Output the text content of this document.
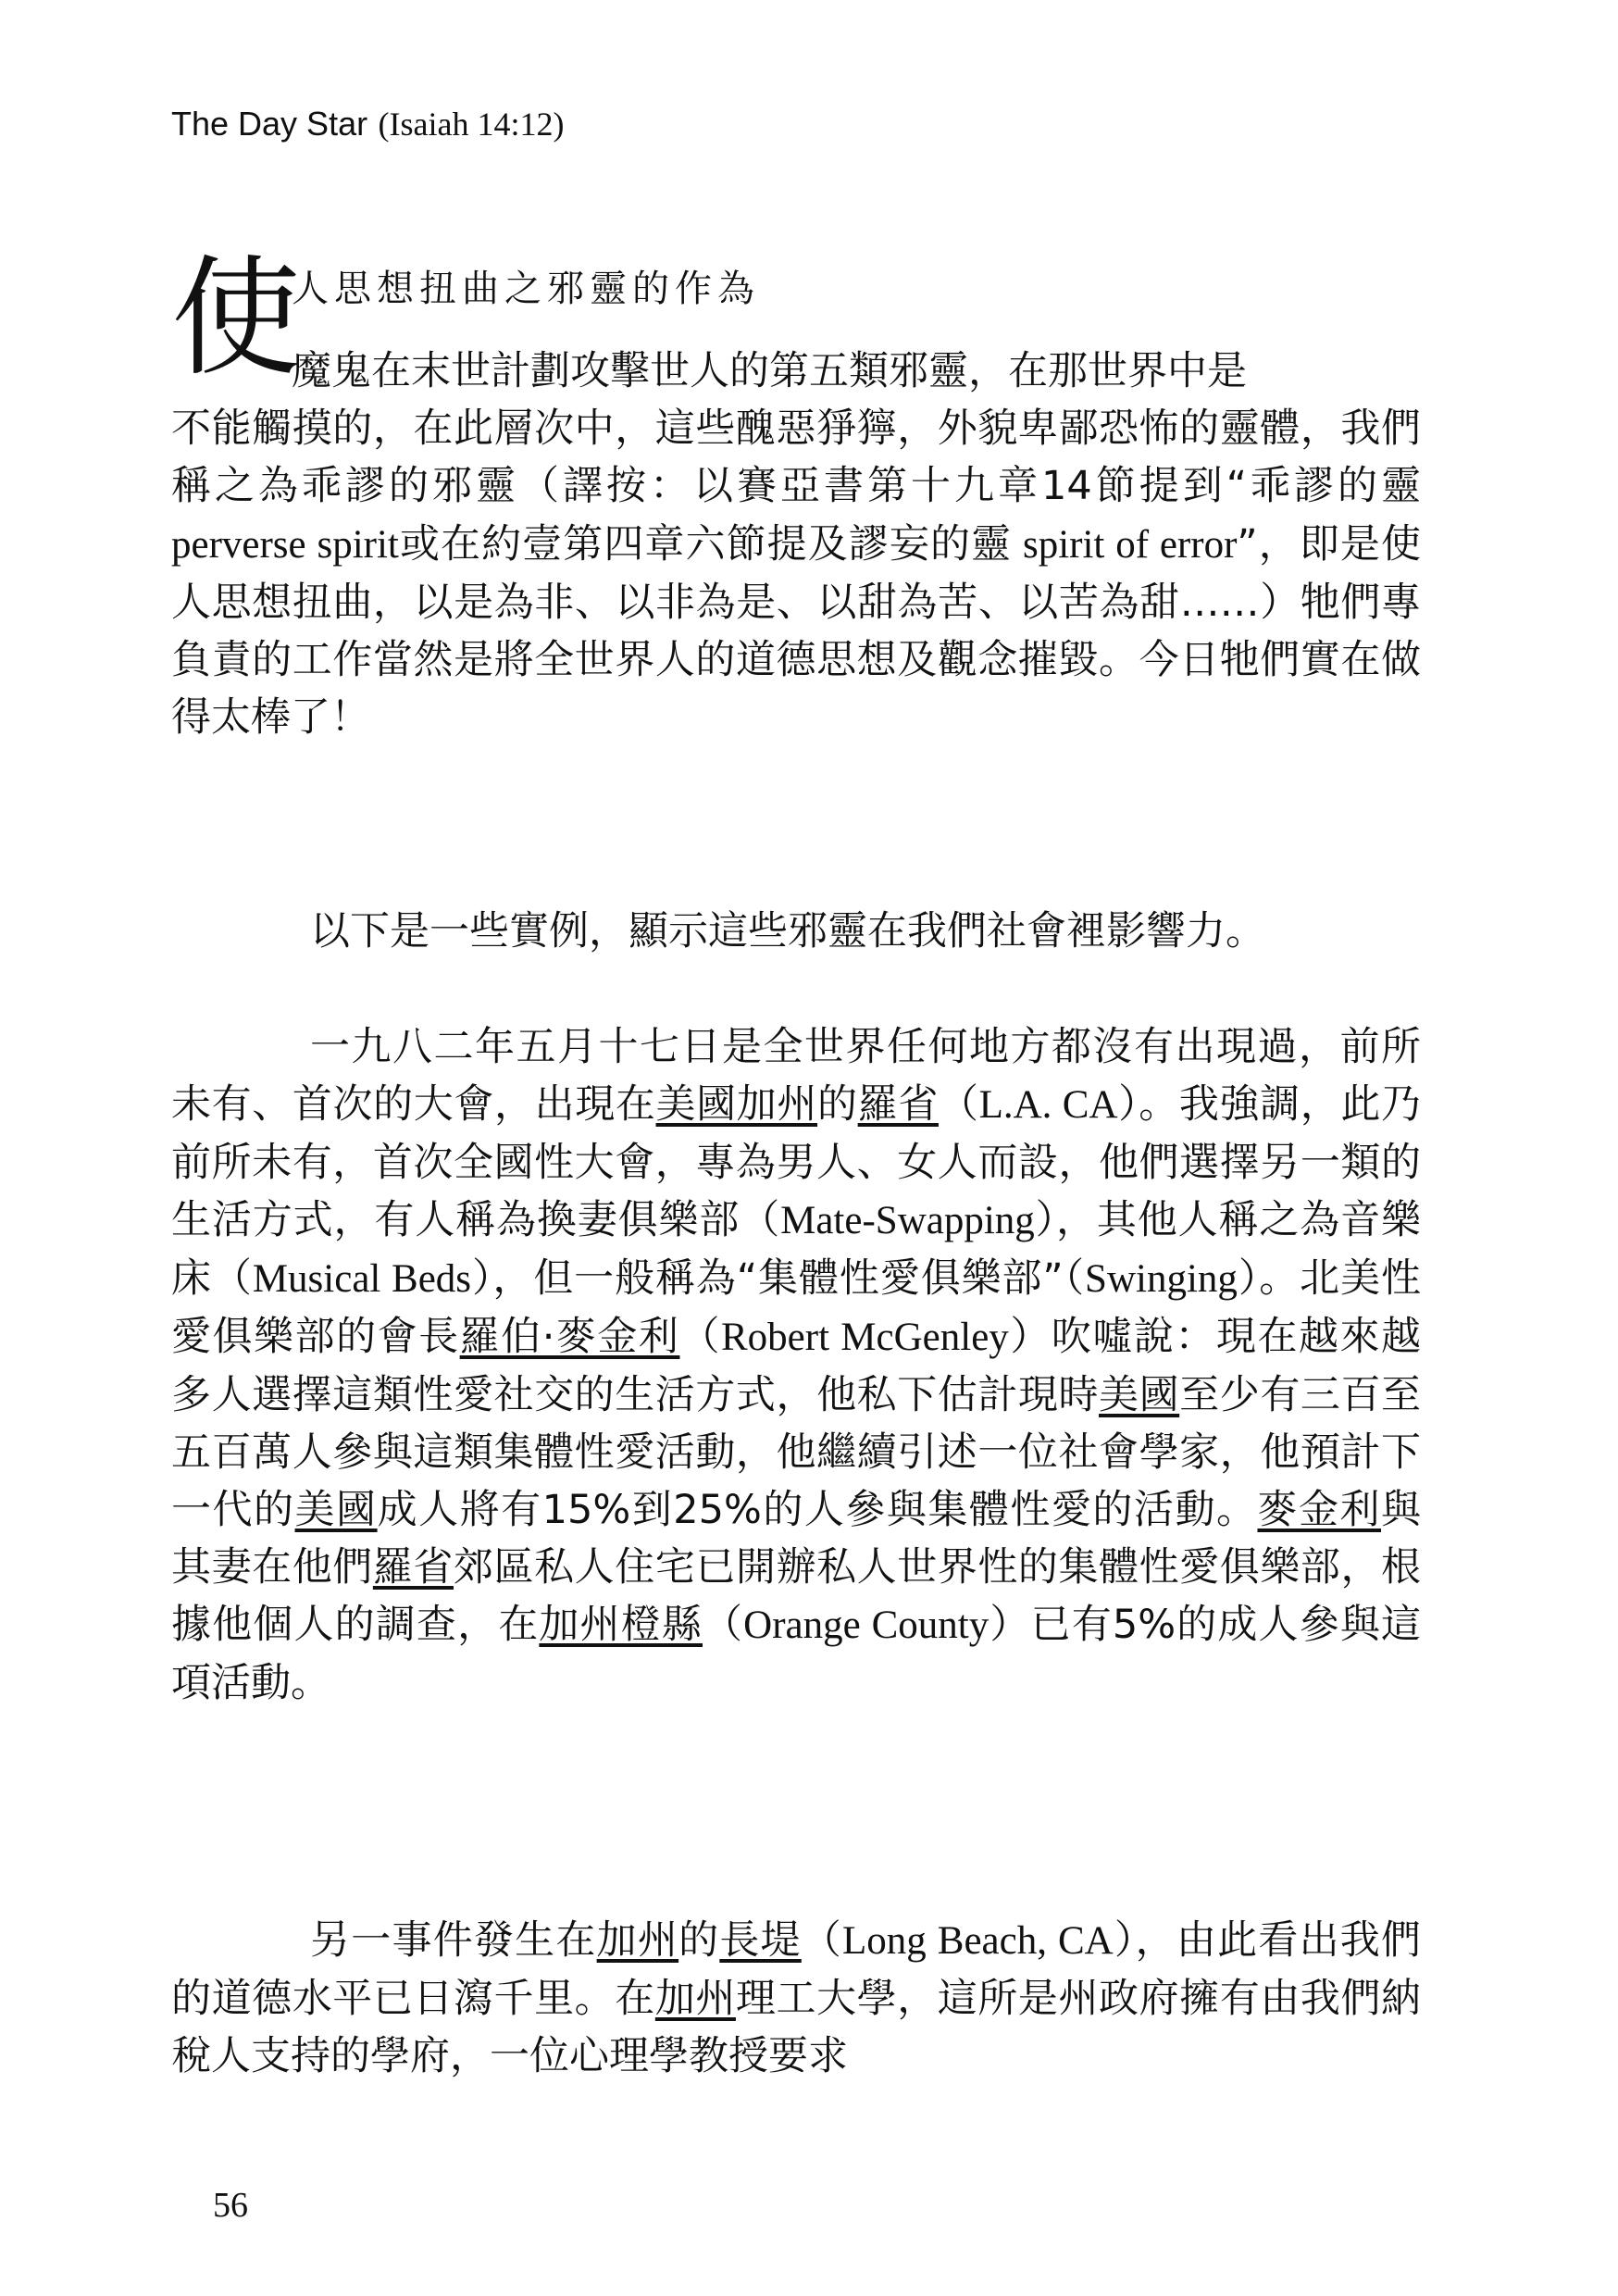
The Day Star (Isaiah 14:12)
使
人思想扭曲之邪靈的作為
魔鬼在末世計劃攻擊世人的第五類邪靈，在那世界中是
不能觸摸的，在此層次中，這些醜惡猙獰，外貌卑鄙恐怖的靈體，我們稱之為乖謬的邪靈（譯按：以賽亞書第十九章14節提到“乖謬的靈 perverse spirit或在約壹第四章六節提及謬妄的靈 spirit of error”，即是使人思想扭曲，以是為非、以非為是、以甜為苦、以苦為甜……）牠們專負責的工作當然是將全世界人的道德思想及觀念摧毀。今日牠們實在做得太棒了！
以下是一些實例，顯示這些邪靈在我們社會裡影響力。
一九八二年五月十七日是全世界任何地方都沒有出現過，前所未有、首次的大會，出現在美國加州的羅省（L.A. CA）。我強調，此乃前所未有，首次全國性大會，專為男人、女人而設，他們選擇另一類的生活方式，有人稱為換妻俱樂部（Mate-Swapping），其他人稱之為音樂床（Musical Beds），但一般稱為“集體性愛俱樂部”（Swinging）。北美性愛俱樂部的會長羅伯·麥金利（Robert McGenley）吹噓說：現在越來越多人選擇這類性愛社交的生活方式，他私下估計現時美國至少有三百至五百萬人參與這類集體性愛活動，他繼續引述一位社會學家，他預計下一代的美國成人將有15%到25%的人參與集體性愛的活動。麥金利與其妻在他們羅省郊區私人住宅已開辦私人世界性的集體性愛俱樂部，根據他個人的調查，在加州橙縣（Orange County）已有5%的成人參與這項活動。
另一事件發生在加州的長堤（Long Beach, CA），由此看出我們的道德水平已日瀉千里。在加州理工大學，這所是州政府擁有由我們納稅人支持的學府，一位心理學教授要求
56
